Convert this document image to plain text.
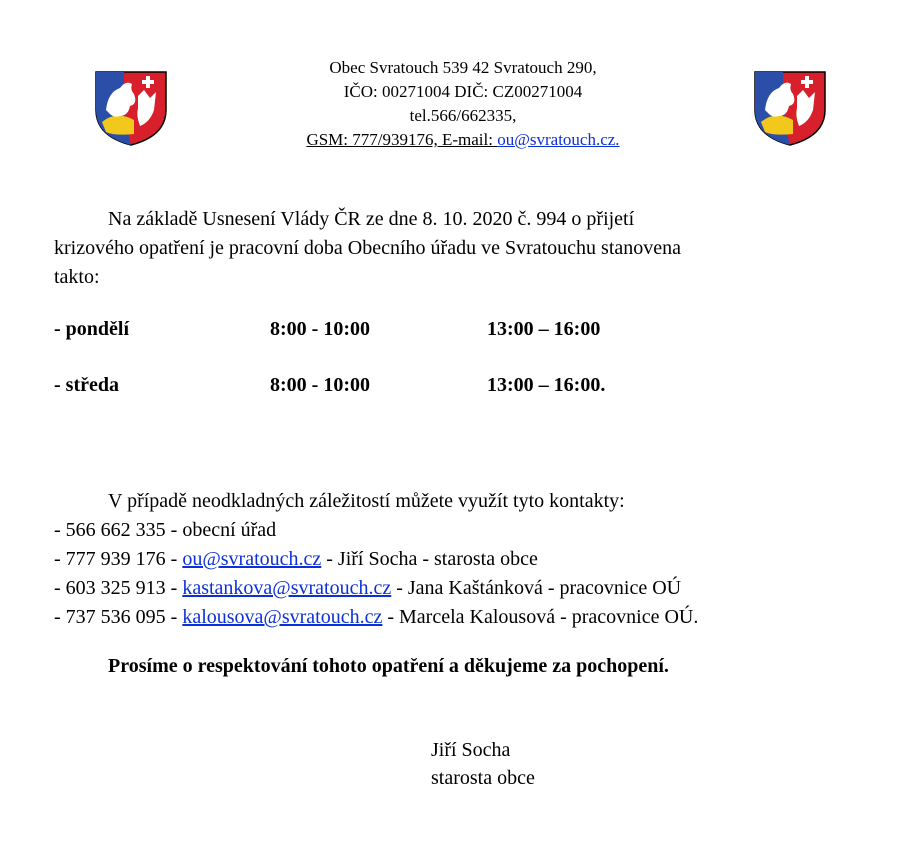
Obec Svratouch 539 42 Svratouch 290,
IČO: 00271004 DIČ: CZ00271004
tel.566/662335,
GSM: 777/939176, E-mail: ou@svratouch.cz.
Na základě Usnesení Vlády ČR ze dne 8. 10. 2020 č. 994 o přijetí
krizového opatření je pracovní doba Obecního úřadu ve Svratouchu stanovena
takto:
- pondělí	8:00 - 10:00	13:00 – 16:00
- středa	8:00 - 10:00	13:00 – 16:00.
V případě neodkladných záležitostí můžete využít tyto kontakty:
- 566 662 335 - obecní úřad
- 777 939 176 - ou@svratouch.cz - Jiří Socha - starosta obce
- 603 325 913 - kastankova@svratouch.cz - Jana Kaštánková - pracovnice OÚ
- 737 536 095 - kalousova@svratouch.cz - Marcela Kalousová - pracovnice OÚ.
Prosíme o respektování tohoto opatření a děkujeme za pochopení.
Jiří Socha
starosta obce
